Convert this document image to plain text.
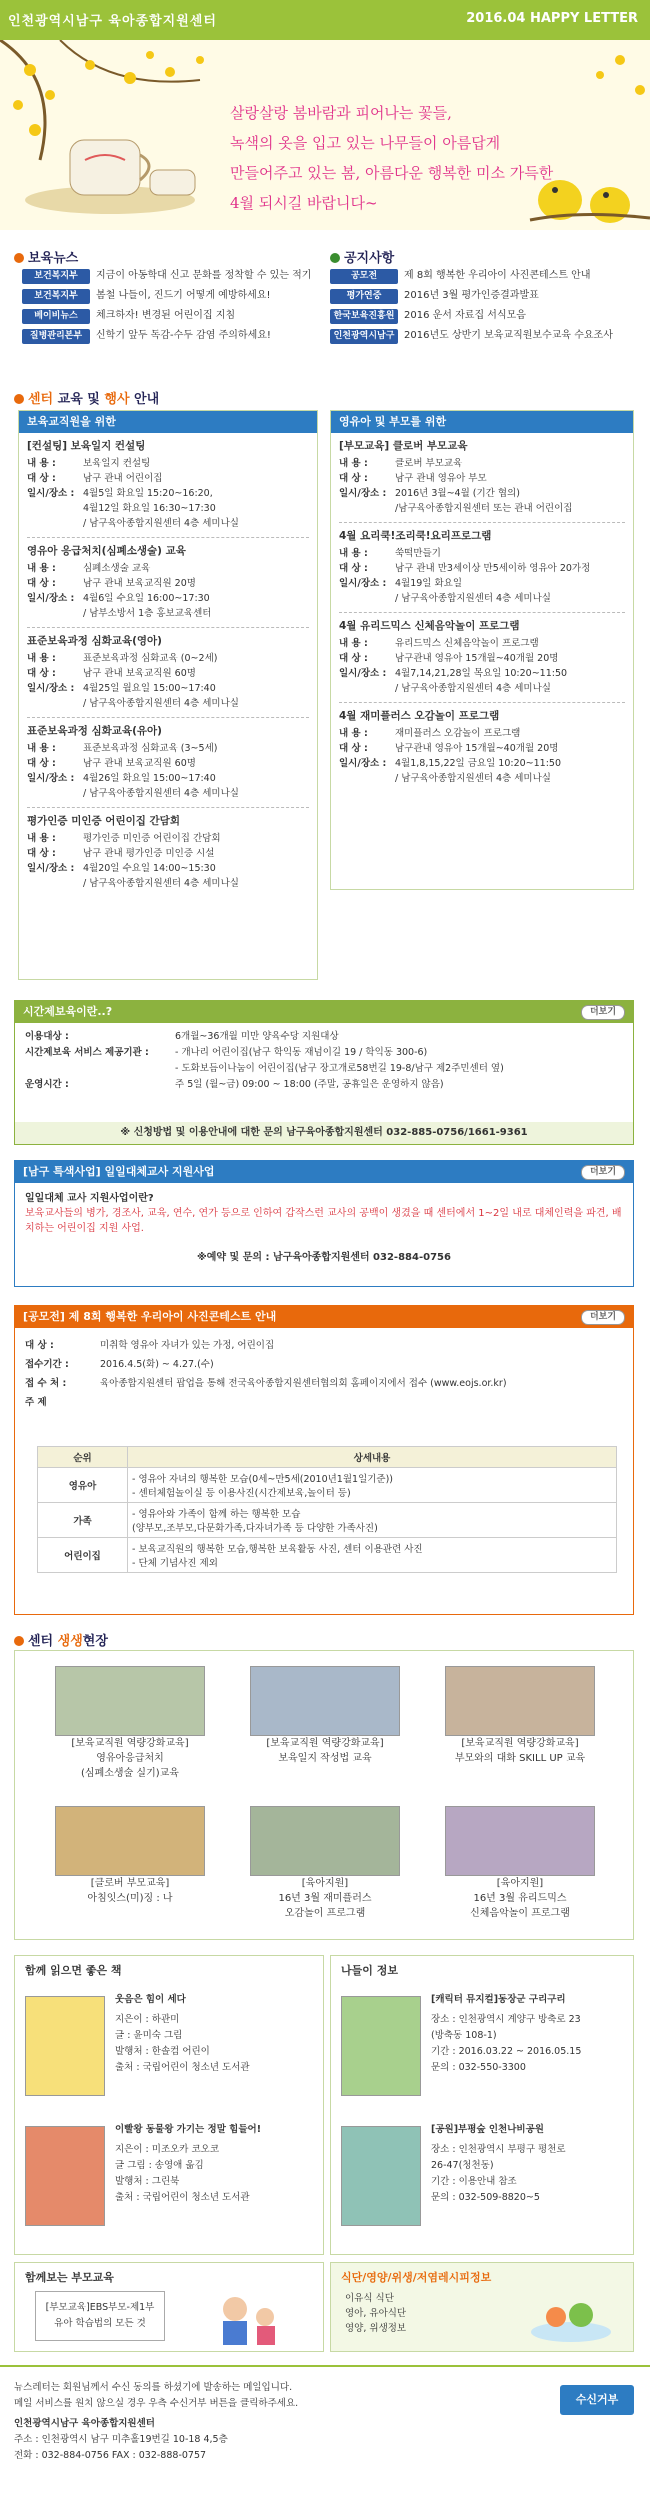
인천광역시남구 육아종합지원센터	2016.04 HAPPY LETTER
살랑살랑 봄바람과 피어나는 꽃들,
녹색의 옷을 입고 있는 나무들이 아름답게
만들어주고 있는 봄, 아름다운 행복한 미소 가득한
4월 되시길 바랍니다~
보육뉴스	공지사항
보건복지부 지금이 아동학대 신고 문화를 정착할 수 있는 적기
보건복지부 봄철 나들이, 진드기 어떻게 예방하세요!
베이비뉴스 체크하자! 변경된 어린이집 지침
질병관리본부 신학기 앞두 독감-수두 감염 주의하세요!
공모전	제 8회 행복한 우리아이 사진콘테스트 안내
평가연중 2016년 3월 평가인증결과발표
한국보육진흥원 2016 운서 자료집 서식모음
인천광역시남구 2016년도 상반기 보육교직원보수교육 수요조사
센터 교육 및 행사 안내
보육교직원을 위한
[컨설팅] 보육일지 컨설팅
내 용 :	보육일지 컨설팅
대 상 :	남구 관내 어린이집
일시/장소 : 4월5일 화요일 15:20~16:20,
4월12일 화요일 16:30~17:30
/ 남구육아종합지원센터 4층 세미나실
영유아 응급처치(심폐소생술) 교육
내 용 :	심폐소생술 교육
대 상 :	남구 관내 보육교직원 20명
일시/장소 : 4월6일 수요일 16:00~17:30
/ 남부소방서 1층 홍보교육센터
표준보육과정 심화교육(영아)
내 용 :	표준보육과정 심화교육 (0~2세)
대 상 :	남구 관내 보육교직원 60명
일시/장소 : 4월25일 월요일 15:00~17:40
/ 남구육아종합지원센터 4층 세미나실
표준보육과정 심화교육(유아)
내 용 :	표준보육과정 심화교육 (3~5세)
대 상 :	남구 관내 보육교직원 60명
일시/장소 : 4월26일 화요일 15:00~17:40
/ 남구육아종합지원센터 4층 세미나실
평가인증 미인증 어린이집 간담회
내 용 :	평가인증 미인증 어린이집 간담회
대 상 :	남구 관내 평가인증 미인증 시설
일시/장소 : 4월20일 수요일 14:00~15:30
/ 남구육아종합지원센터 4층 세미나실
영유아 및 부모를 위한
[부모교육] 클로버 부모교육
내 용 :	클로버 부모교육
대 상 :	남구 관내 영유아 부모
일시/장소 : 2016년 3월~4월 (기간 협의)
/남구육아종합지원센터 또는 관내 어린이집
4월 요리쿡!조리쿡!요리프로그램
내 용 :	쑥떡만들기
대 상 :	남구 관내 만3세이상 만5세이하 영유아 20가정
일시/장소 : 4월19일 화요일
/ 남구육아종합지원센터 4층 세미나실
4월 유리드믹스 신체음악놀이 프로그램
내 용 :	유리드믹스 신체음악놀이 프로그램
대 상 :	남구관내 영유아 15개월~40개월 20명
일시/장소 : 4월7,14,21,28일 목요일 10:20~11:50
/ 남구육아종합지원센터 4층 세미나실
4월 재미플러스 오감놀이 프로그램
내 용 :	재미플러스 오감놀이 프로그램
대 상 :	남구관내 영유아 15개월~40개월 20명
일시/장소 : 4월1,8,15,22일 금요일 10:20~11:50
/ 남구육아종합지원센터 4층 세미나실
시간제보육이란..?	더보기
이용대상 :	6개월~36개월 미만 양육수당 지원대상
시간제보육 서비스 제공기관 :	- 개나리 어린이집(남구 학익동 재넘이길 19 / 학익동 300-6)
- 도화보듬이나눔이 어린이집(남구 장고개로58번길 19-8/남구 제2주민센터 옆)
운영시간 :	주 5일 (월~금) 09:00 ~ 18:00 (주말, 공휴일은 운영하지 않음)
※ 신청방법 및 이용안내에 대한 문의 남구육아종합지원센터 032-885-0756/1661-9361
[남구 특색사업] 일일대체교사 지원사업	더보기
일일대체 교사 지원사업이란?
보육교사들의 병가, 경조사, 교육, 연수, 연가 등으로 인하여 갑작스런 교사의 공백이 생겼을 때 센터에서 1~2일 내로 대체인력을 파견, 배치하는 어린이집 지원 사업.
※예약 및 문의 : 남구육아종합지원센터 032-884-0756
[공모전] 제 8회 행복한 우리아이 사진콘테스트 안내	더보기
대 상 :	미취학 영유아 자녀가 있는 가정, 어린이집
접수기간 :	2016.4.5(화) ~ 4.27.(수)
접 수 처 :	육아종합지원센터 팝업을 통해 전국육아종합지원센터협의회 홈페이지에서 접수 (www.eojs.or.kr)
주 제
순위	상세내용
영유아	- 영유아 자녀의 행복한 모습(0세~만5세(2010년1월1일기준))
- 센터체험놀이실 등 이용사진(시간제보육,놀이터 등)

가족	- 영유아와 가족이 함께 하는 행복한 모습
(양부모,조부모,다문화가족,다자녀가족 등 다양한 가족사진)

어린이집	- 보육교직원의 행복한 모습,행복한 보육활동 사진, 센터 이용관련 사진
- 단체 기념사진 제외
센터 생생현장
[보육교직원 역량강화교육]
영유아응급처치
(심폐소생술 실기)교육
[보육교직원 역량강화교육]
보육일지 작성법 교육
[보육교직원 역량강화교육]
부모와의 대화 SKILL UP 교육
[클로버 부모교육]
아침잇스(미)징 : 나
[육아지원]
16년 3월 재미플러스
오감놀이 프로그램
[육아지원]
16년 3월 유리드믹스
신체음악놀이 프로그램
함께 읽으면 좋은 책
웃음은 힘이 세다
지은이 : 하관미
글 : 윤미숙 그림
발행처 : 한솔컴 어린이
출처 : 국립어린이 청소년 도서관
이빨왕 동물왕 가기는 정말 힘들어!
지은이 : 미조오카 코오코
글 그림 : 송영애 옮김
발행처 : 그린북
출처 : 국립어린이 청소년 도서관
나들이 정보
[캐릭터 뮤지컬]동장군 구리구리
장소 : 인천광역시 계양구 방축로 23
(방축동 108-1)
기간 : 2016.03.22 ~ 2016.05.15
문의 : 032-550-3300
[공원]부평숲 인천나비공원
장소 : 인천광역시 부평구 평천로
26-47(청천동)
기간 : 이용안내 참조
문의 : 032-509-8820~5
함께보는 부모교육
[부모교육]EBS부모-제1부
유아 학습법의 모든 것
식단/영양/위생/저염레시피정보
이유식 식단
영아, 유아식단
영양, 위생정보
뉴스레터는 회원님께서 수신 동의를 하셨기에 발송하는 메일입니다.
메일 서비스를 원치 않으실 경우 우측 수신거부 버튼을 클릭하주세요.
인천광역시남구 육아종합지원센터
주소 : 인천광역시 남구 미추홀19번길 10-18 4,5층
전화 : 032-884-0756 FAX : 032-888-0757
수신거부
